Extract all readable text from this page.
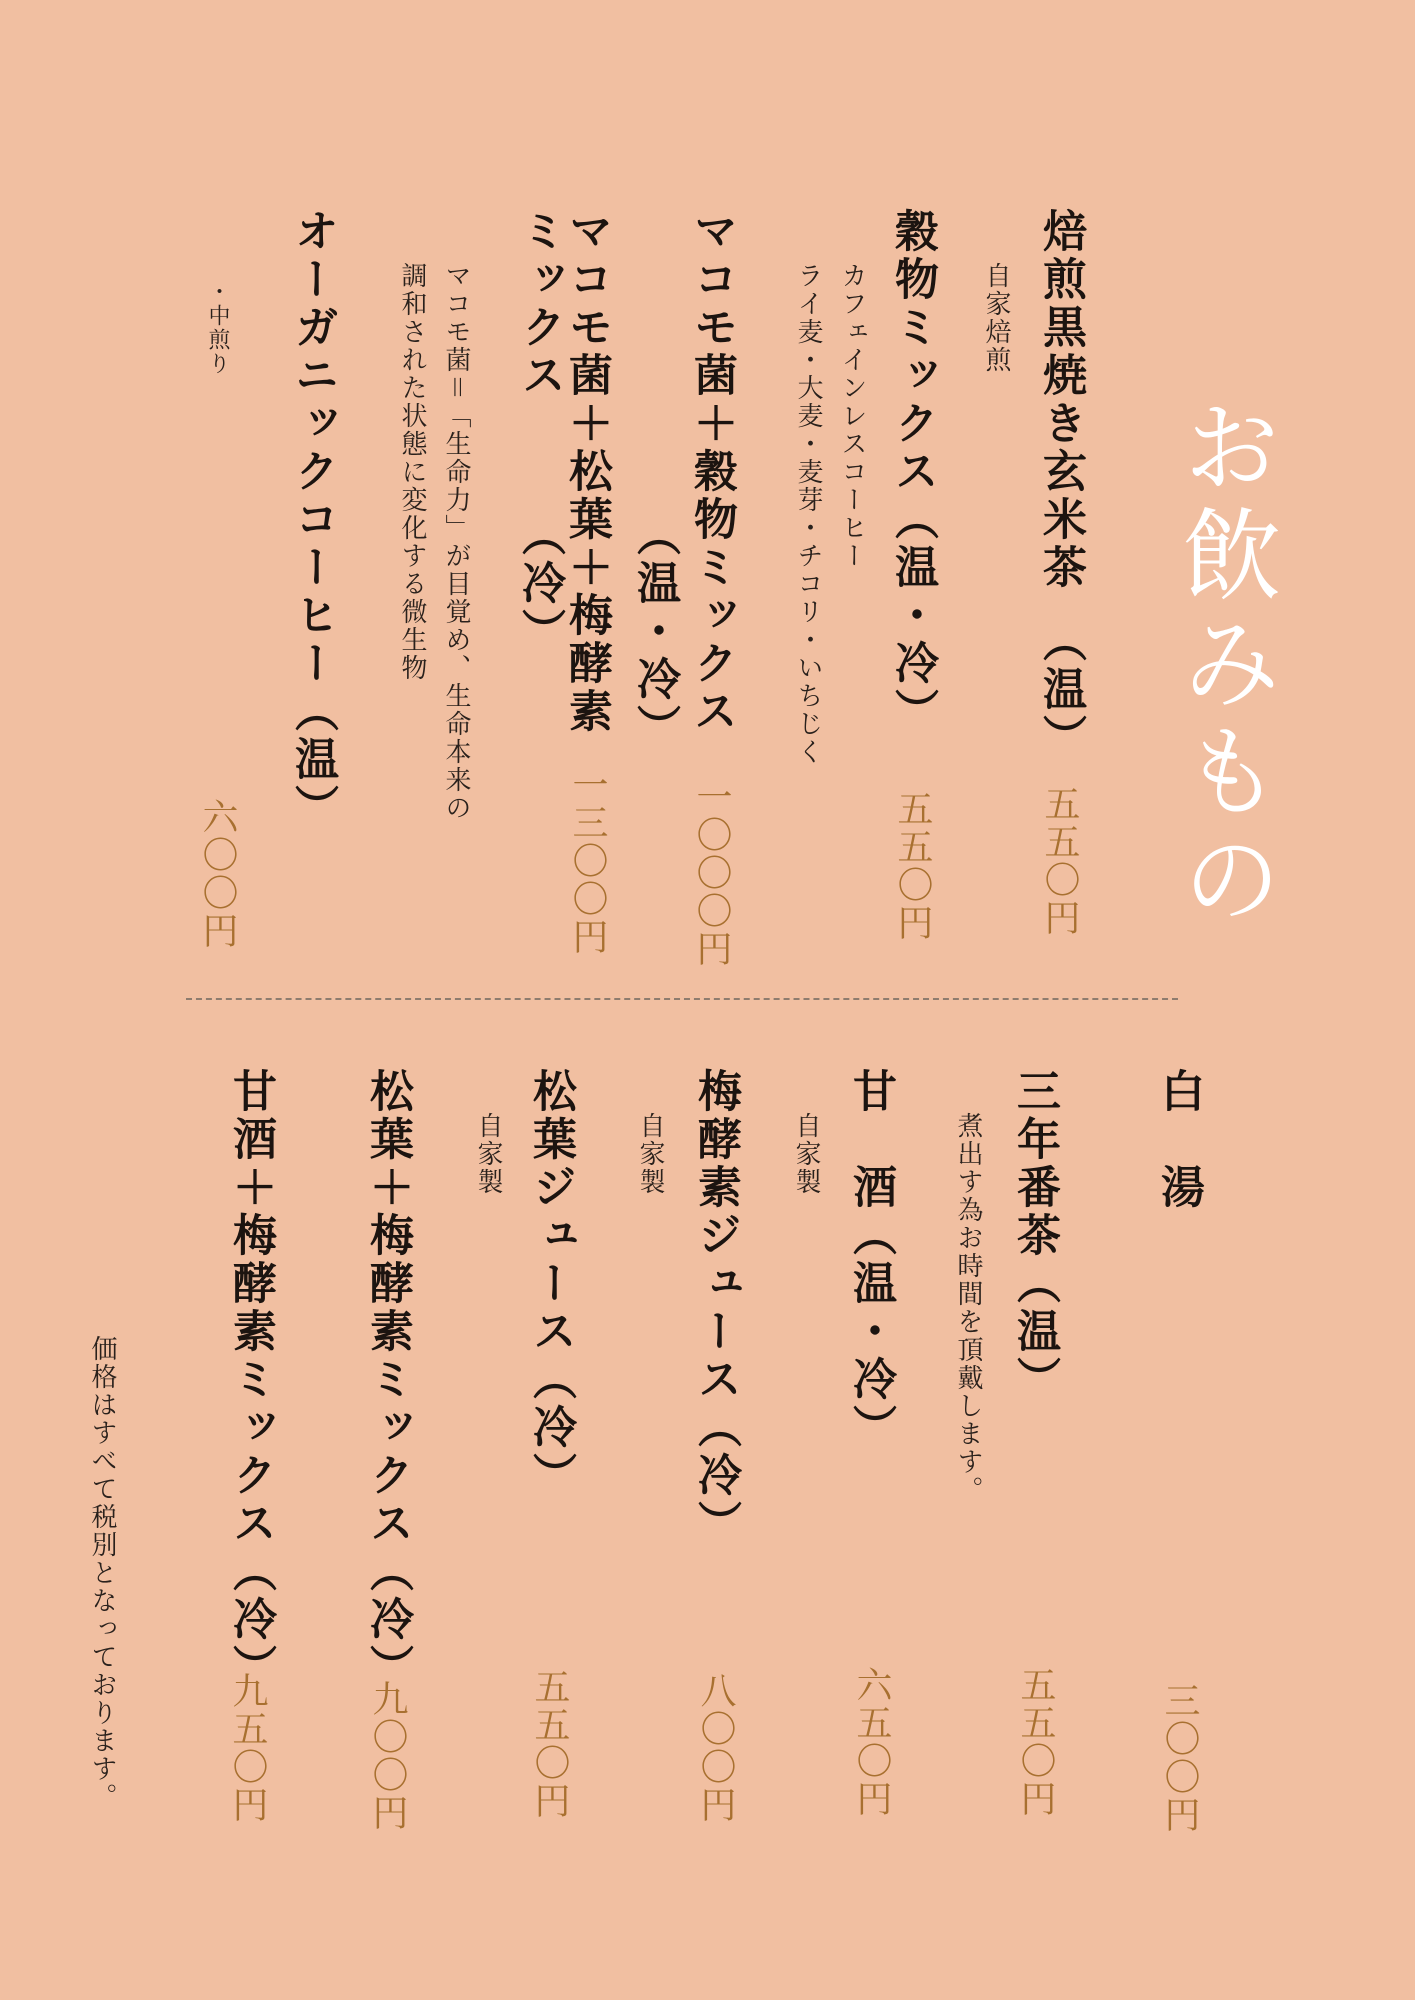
お飲みもの
焙煎黒焼き玄米茶　（温）
自家焙煎
五五〇円
穀物ミックス（温・冷）
カフェインレスコーヒー
ライ麦・大麦・麦芽・チコリ・いちじく
五五〇円
マコモ菌＋穀物ミックス
（温・冷）
一〇〇〇円
マコモ菌＋松葉＋梅酵素
ミックス
（冷）
マコモ菌＝「生命力」が目覚め、生命本来の
調和された状態に変化する微生物
一三〇〇円
オーガニックコーヒー（温）
・中煎り
六〇〇円
白　湯
三〇〇円
三年番茶（温）
煮出す為お時間を頂戴します。
五五〇円
甘　酒（温・冷）
自家製
六五〇円
梅酵素ジュース（冷）
自家製
八〇〇円
松葉ジュース（冷）
自家製
五五〇円
松葉＋梅酵素ミックス（冷）
九〇〇円
甘酒＋梅酵素ミックス（冷）
九五〇円
価格はすべて税別となっております。
